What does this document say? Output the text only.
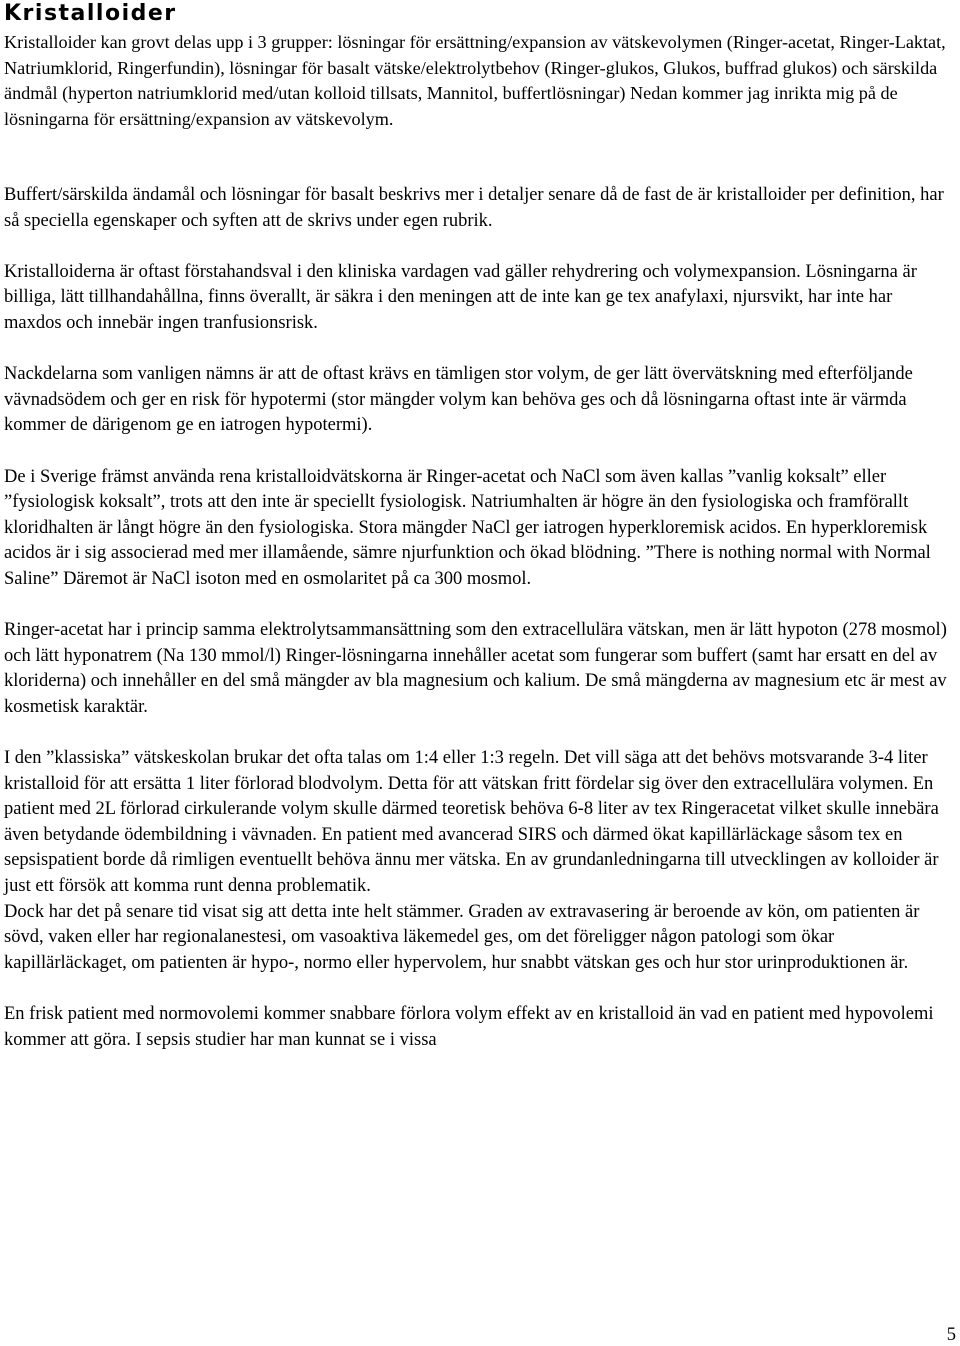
Kristalloider

Kristalloider kan grovt delas upp i 3 grupper: lösningar för ersättning/expansion av vätskevolymen (Ringer-acetat, Ringer-Laktat, Natriumklorid, Ringerfundin), lösningar för basalt vätske/elektrolytbehov (Ringer-glukos, Glukos, buffrad glukos) och särskilda ändmål (hyperton natriumklorid med/utan kolloid tillsats, Mannitol, buffertlösningar) Nedan kommer jag inrikta mig på de lösningarna för ersättning/expansion av vätskevolym.

Buffert/särskilda ändamål och lösningar för basalt beskrivs mer i detaljer senare då de fast de är kristalloider per definition, har så speciella egenskaper och syften att de skrivs under egen rubrik.

Kristalloiderna är oftast förstahandsval i den kliniska vardagen vad gäller rehydrering och volymexpansion. Lösningarna är billiga, lätt tillhandahållna, finns överallt, är säkra i den meningen att de inte kan ge tex anafylaxi, njursvikt, har inte har maxdos och innebär ingen tranfusionsrisk.

Nackdelarna som vanligen nämns är att de oftast krävs en tämligen stor volym, de ger lätt övervätskning med efterföljande vävnadsödem och ger en risk för hypotermi (stor mängder volym kan behöva ges och då lösningarna oftast inte är värmda kommer de därigenom ge en iatrogen hypotermi).

De i Sverige främst använda rena kristalloidvätskorna är Ringer-acetat och NaCl som även kallas ”vanlig koksalt” eller ”fysiologisk koksalt”, trots att den inte är speciellt fysiologisk. Natriumhalten är högre än den fysiologiska och framförallt kloridhalten är långt högre än den fysiologiska. Stora mängder NaCl ger iatrogen hyperkloremisk acidos. En hyperkloremisk acidos är i sig associerad med mer illamående, sämre njurfunktion och ökad blödning. ”There is nothing normal with Normal Saline” Däremot är NaCl isoton med en osmolaritet på ca 300 mosmol.

Ringer-acetat har i princip samma elektrolytsammansättning som den extracellulära vätskan, men är lätt hypoton (278 mosmol) och lätt hyponatrem (Na 130 mmol/l) Ringer-lösningarna innehåller acetat som fungerar som buffert (samt har ersatt en del av kloriderna) och innehåller en del små mängder av bla magnesium och kalium. De små mängderna av magnesium etc är mest av kosmetisk karaktär.

I den ”klassiska” vätskeskolan brukar det ofta talas om 1:4 eller 1:3 regeln. Det vill säga att det behövs motsvarande 3-4 liter kristalloid för att ersätta 1 liter förlorad blodvolym. Detta för att vätskan fritt fördelar sig över den extracellulära volymen. En patient med 2L förlorad cirkulerande volym skulle därmed teoretisk behöva 6-8 liter av tex Ringeracetat vilket skulle innebära även betydande ödembildning i vävnaden. En patient med avancerad SIRS och därmed ökat kapillärläckage såsom tex en sepsispatient borde då rimligen eventuellt behöva ännu mer vätska. En av grundanledningarna till utvecklingen av kolloider är just ett försök att komma runt denna problematik.

Dock har det på senare tid visat sig att detta inte helt stämmer. Graden av extravasering är beroende av kön, om patienten är sövd, vaken eller har regionalanestesi, om vasoaktiva läkemedel ges, om det föreligger någon patologi som ökar kapillärläckaget, om patienten är hypo-, normo eller hypervolem, hur snabbt vätskan ges och hur stor urinproduktionen är.

En frisk patient med normovolemi kommer snabbare förlora volym effekt av en kristalloid än vad en patient med hypovolemi kommer att göra. I sepsis studier har man kunnat se i vissa

5
